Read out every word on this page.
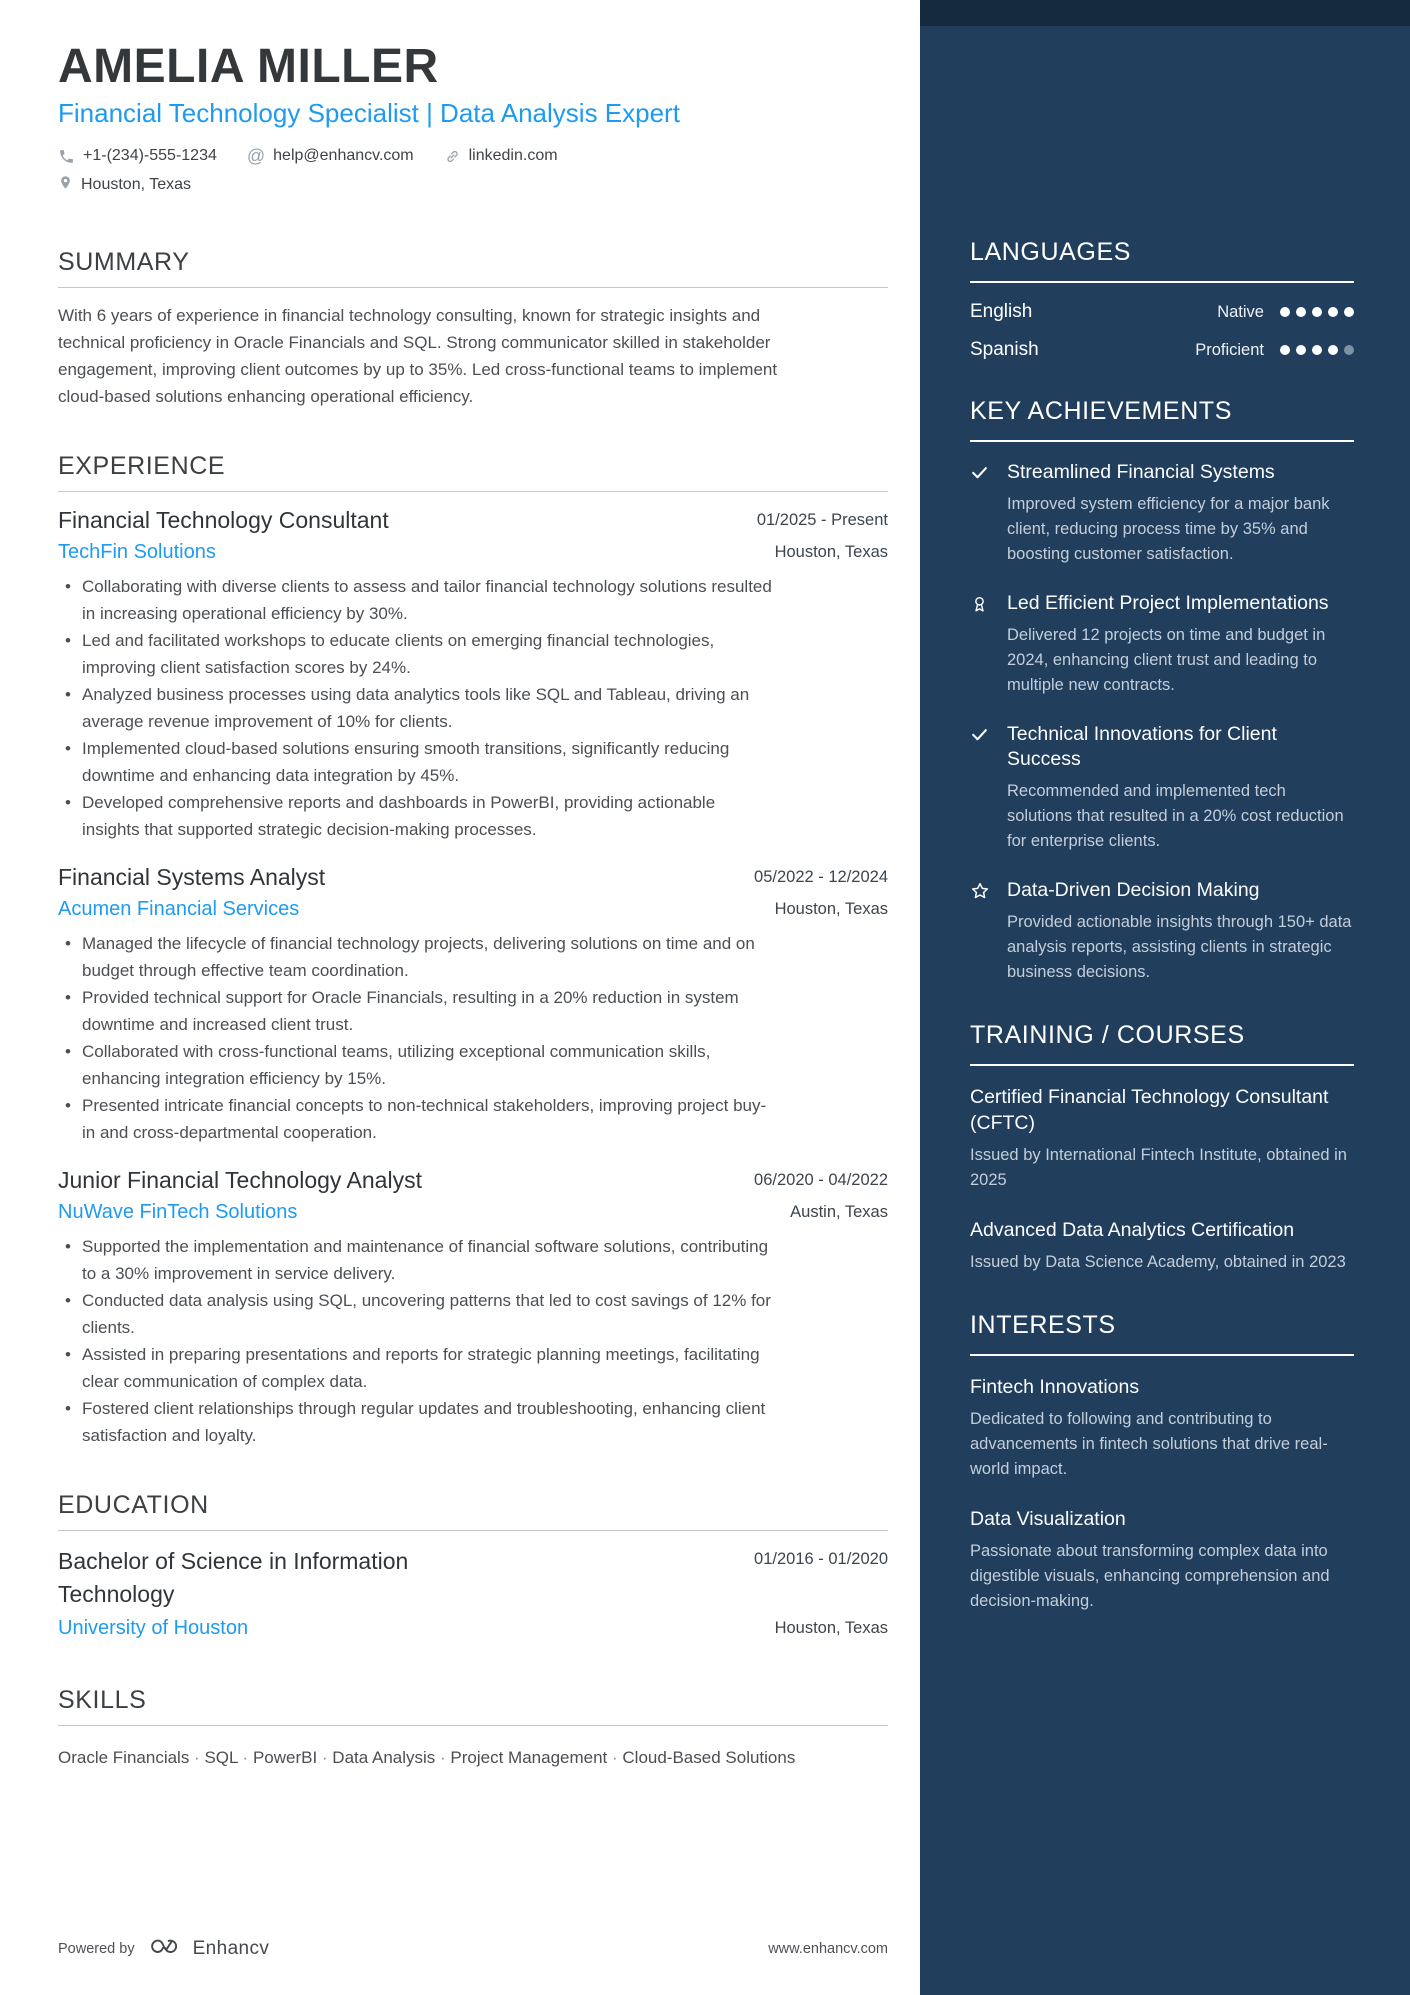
AMELIA MILLER
Financial Technology Specialist | Data Analysis Expert
+1-(234)-555-1234 @ help@enhancv.com	linkedin.com
Houston, Texas
SUMMARY

With 6 years of experience in financial technology consulting, known for strategic insights and technical proficiency in Oracle Financials and SQL. Strong communicator skilled in stakeholder engagement, improving client outcomes by up to 35%. Led cross-functional teams to implement cloud-based solutions enhancing operational efficiency.

EXPERIENCE
Financial Technology Consultant	01/2025 - Present
TechFin Solutions	Houston, Texas
• Collaborating with diverse clients to assess and tailor financial technology solutions resulted in increasing operational efficiency by 30%.
• Led and facilitated workshops to educate clients on emerging financial technologies, improving client satisfaction scores by 24%.
• Analyzed business processes using data analytics tools like SQL and Tableau, driving an average revenue improvement of 10% for clients.
• Implemented cloud-based solutions ensuring smooth transitions, significantly reducing downtime and enhancing data integration by 45%.
• Developed comprehensive reports and dashboards in PowerBI, providing actionable insights that supported strategic decision-making processes.
Financial Systems Analyst	05/2022 - 12/2024
Acumen Financial Services	Houston, Texas
• Managed the lifecycle of financial technology projects, delivering solutions on time and on budget through effective team coordination.
• Provided technical support for Oracle Financials, resulting in a 20% reduction in system downtime and increased client trust.
• Collaborated with cross-functional teams, utilizing exceptional communication skills, enhancing integration efficiency by 15%.
• Presented intricate financial concepts to non-technical stakeholders, improving project buy-in and cross-departmental cooperation.
Junior Financial Technology Analyst	06/2020 - 04/2022
NuWave FinTech Solutions	Austin, Texas
• Supported the implementation and maintenance of financial software solutions, contributing to a 30% improvement in service delivery.
• Conducted data analysis using SQL, uncovering patterns that led to cost savings of 12% for clients.
• Assisted in preparing presentations and reports for strategic planning meetings, facilitating clear communication of complex data.
• Fostered client relationships through regular updates and troubleshooting, enhancing client satisfaction and loyalty.
EDUCATION
Bachelor of Science in Information Technology
01/2016 - 01/2020
University of Houston	Houston, Texas
SKILLS
Oracle Financials · SQL · PowerBI · Data Analysis · Project Management · Cloud-Based Solutions
Powered by	Enhancv	www.enhancv.com
LANGUAGES
English	Native
Spanish	Proficient
KEY ACHIEVEMENTS
Streamlined Financial Systems

Improved system efficiency for a major bank client, reducing process time by 35% and boosting customer satisfaction.

Led Efficient Project Implementations

Delivered 12 projects on time and budget in 2024, enhancing client trust and leading to multiple new contracts.

Technical Innovations for Client Success

Recommended and implemented tech solutions that resulted in a 20% cost reduction for enterprise clients.

Data-Driven Decision Making

Provided actionable insights through 150+ data analysis reports, assisting clients in strategic business decisions.

TRAINING / COURSES
Certified Financial Technology Consultant (CFTC)

Issued by International Fintech Institute, obtained in 2025

Advanced Data Analytics Certification

Issued by Data Science Academy, obtained in 2023

INTERESTS
Fintech Innovations

Dedicated to following and contributing to advancements in fintech solutions that drive real-world impact.

Data Visualization

Passionate about transforming complex data into digestible visuals, enhancing comprehension and decision-making.
